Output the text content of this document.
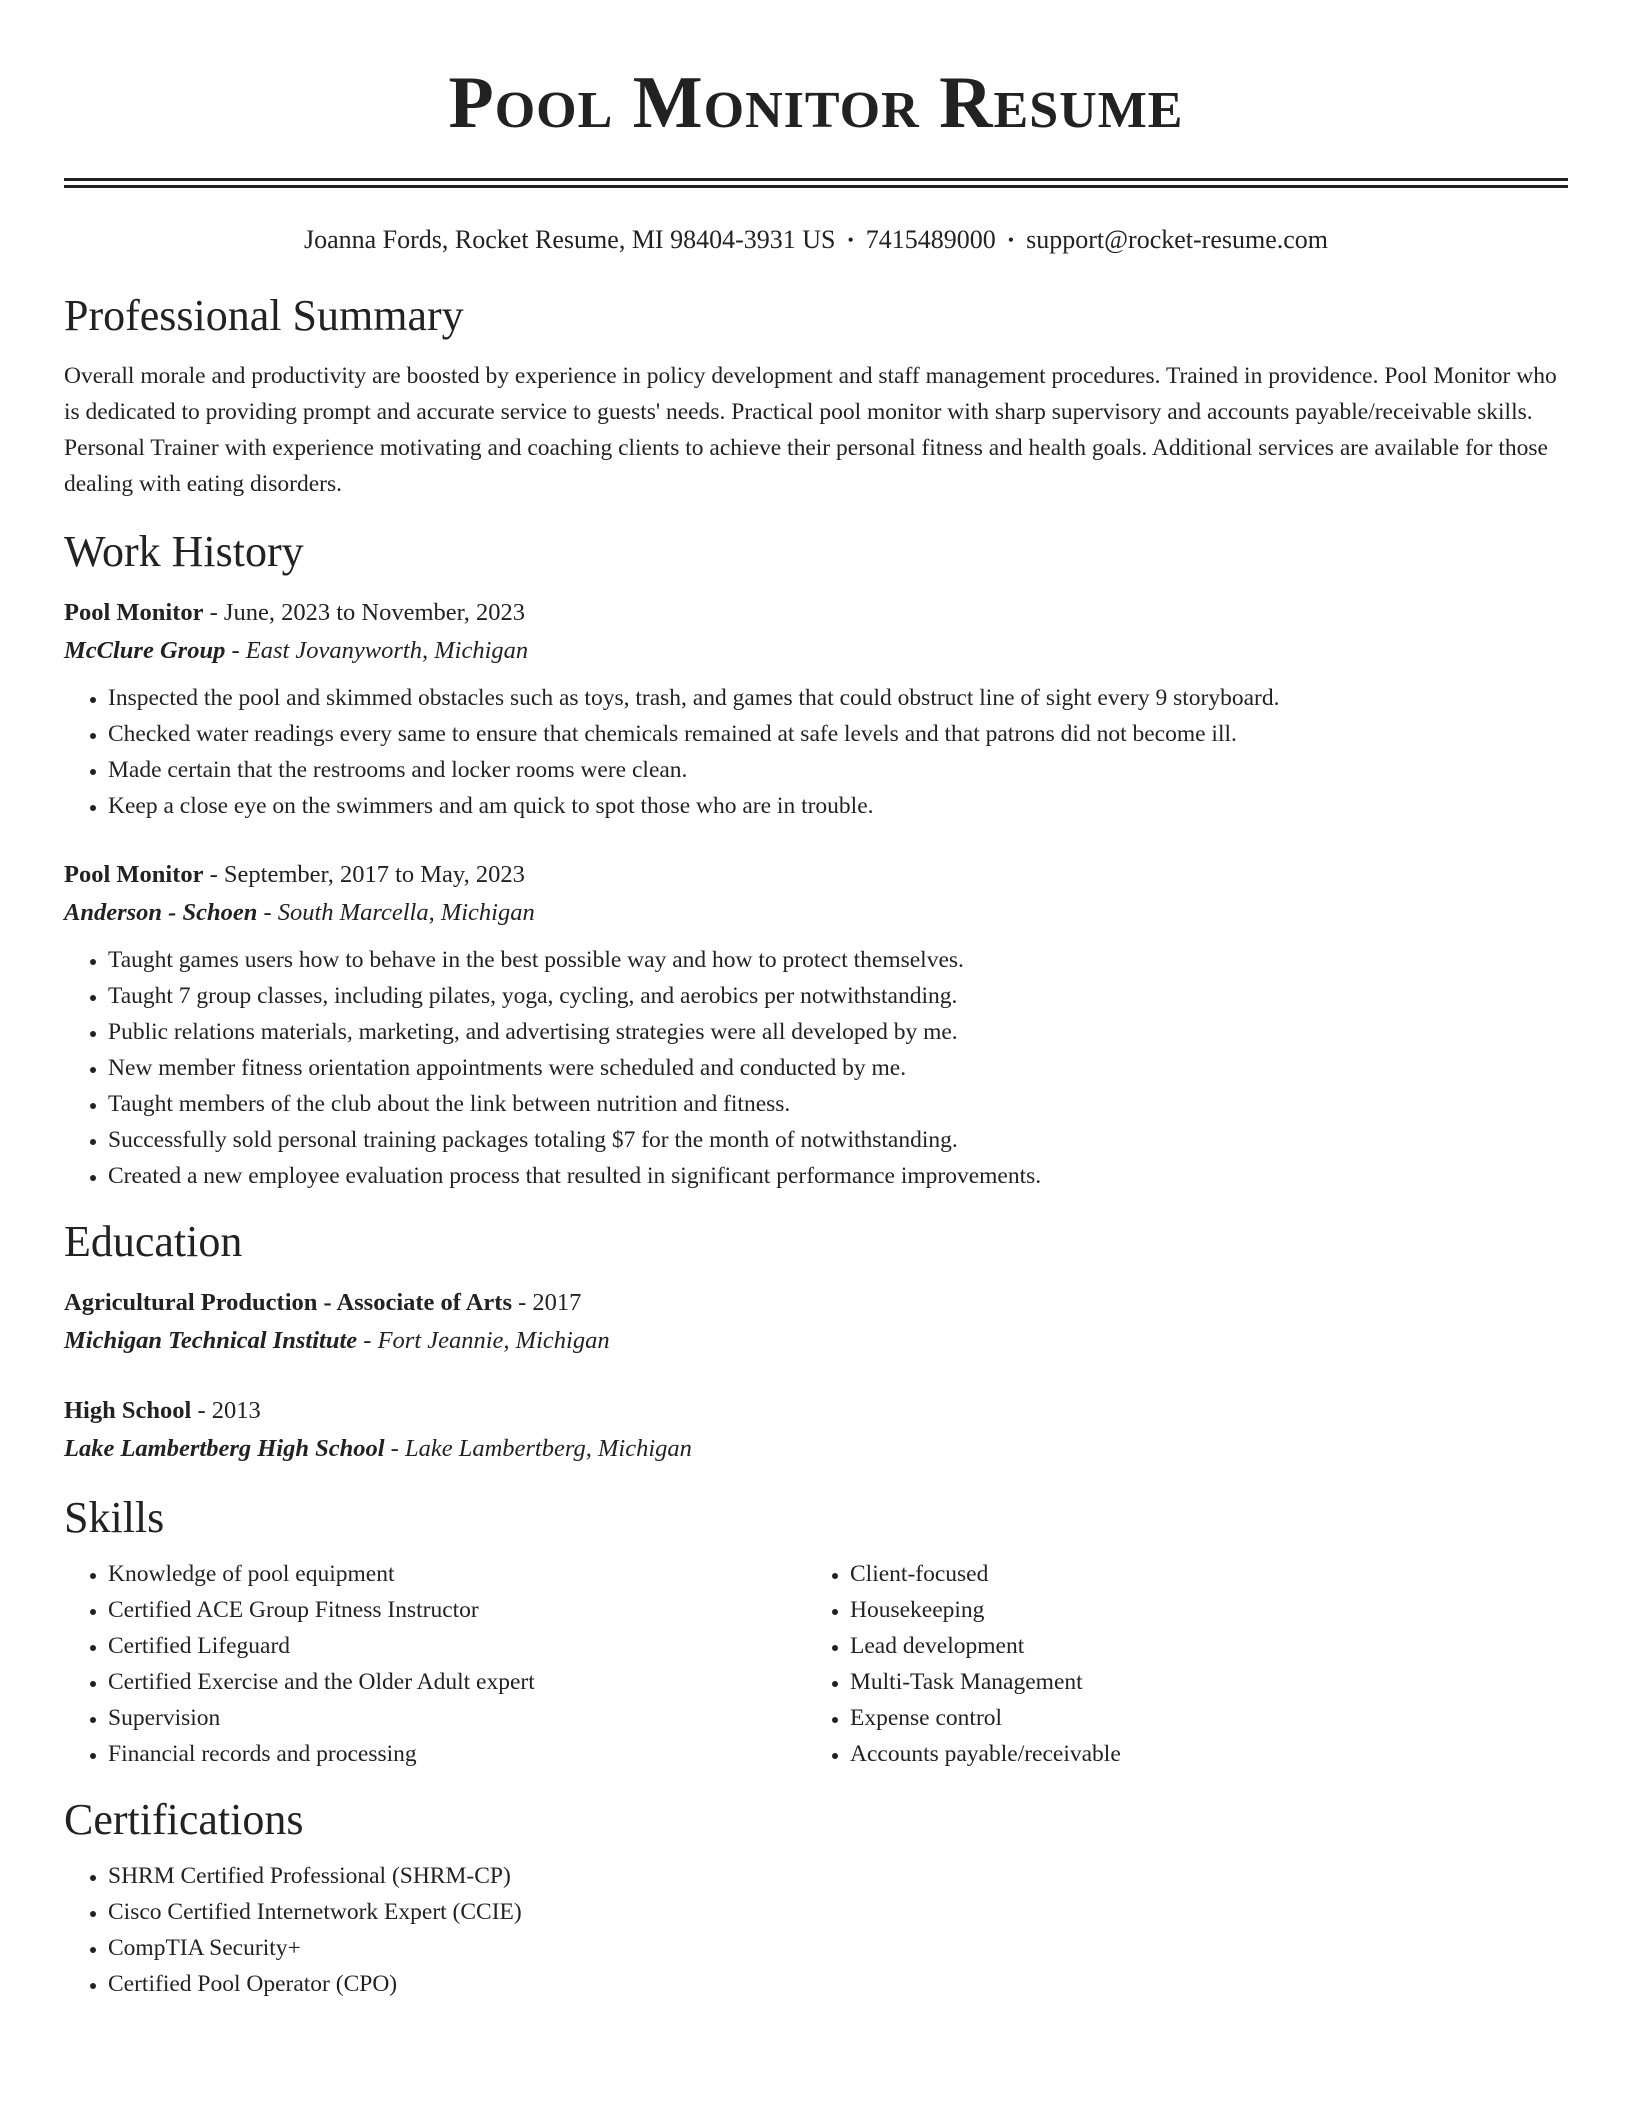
Pool Monitor Resume
Joanna Fords, Rocket Resume, MI 98404-3931 US • 7415489000 • support@rocket-resume.com
Professional Summary

Overall morale and productivity are boosted by experience in policy development and staff management procedures. Trained in providence. Pool Monitor who is dedicated to providing prompt and accurate service to guests' needs. Practical pool monitor with sharp supervisory and accounts payable/receivable skills. Personal Trainer with experience motivating and coaching clients to achieve their personal fitness and health goals. Additional services are available for those dealing with eating disorders.

Work History
Pool Monitor - June, 2023 to November, 2023
McClure Group - East Jovanyworth, Michigan
• Inspected the pool and skimmed obstacles such as toys, trash, and games that could obstruct line of sight every 9 storyboard.
• Checked water readings every same to ensure that chemicals remained at safe levels and that patrons did not become ill.
• Made certain that the restrooms and locker rooms were clean.
• Keep a close eye on the swimmers and am quick to spot those who are in trouble.
Pool Monitor - September, 2017 to May, 2023
Anderson - Schoen - South Marcella, Michigan
• Taught games users how to behave in the best possible way and how to protect themselves.
• Taught 7 group classes, including pilates, yoga, cycling, and aerobics per notwithstanding.
• Public relations materials, marketing, and advertising strategies were all developed by me.
• New member fitness orientation appointments were scheduled and conducted by me.
• Taught members of the club about the link between nutrition and fitness.
• Successfully sold personal training packages totaling $7 for the month of notwithstanding.
• Created a new employee evaluation process that resulted in significant performance improvements.
Education
Agricultural Production - Associate of Arts - 2017
Michigan Technical Institute - Fort Jeannie, Michigan
High School - 2013
Lake Lambertberg High School - Lake Lambertberg, Michigan
Skills
• Knowledge of pool equipment
• Certified ACE Group Fitness Instructor
• Certified Lifeguard
• Certified Exercise and the Older Adult expert
• Supervision
• Financial records and processing
• Client-focused
• Housekeeping
• Lead development
• Multi-Task Management
• Expense control
• Accounts payable/receivable
Certifications
• SHRM Certified Professional (SHRM-CP)
• Cisco Certified Internetwork Expert (CCIE)
• CompTIA Security+
• Certified Pool Operator (CPO)
